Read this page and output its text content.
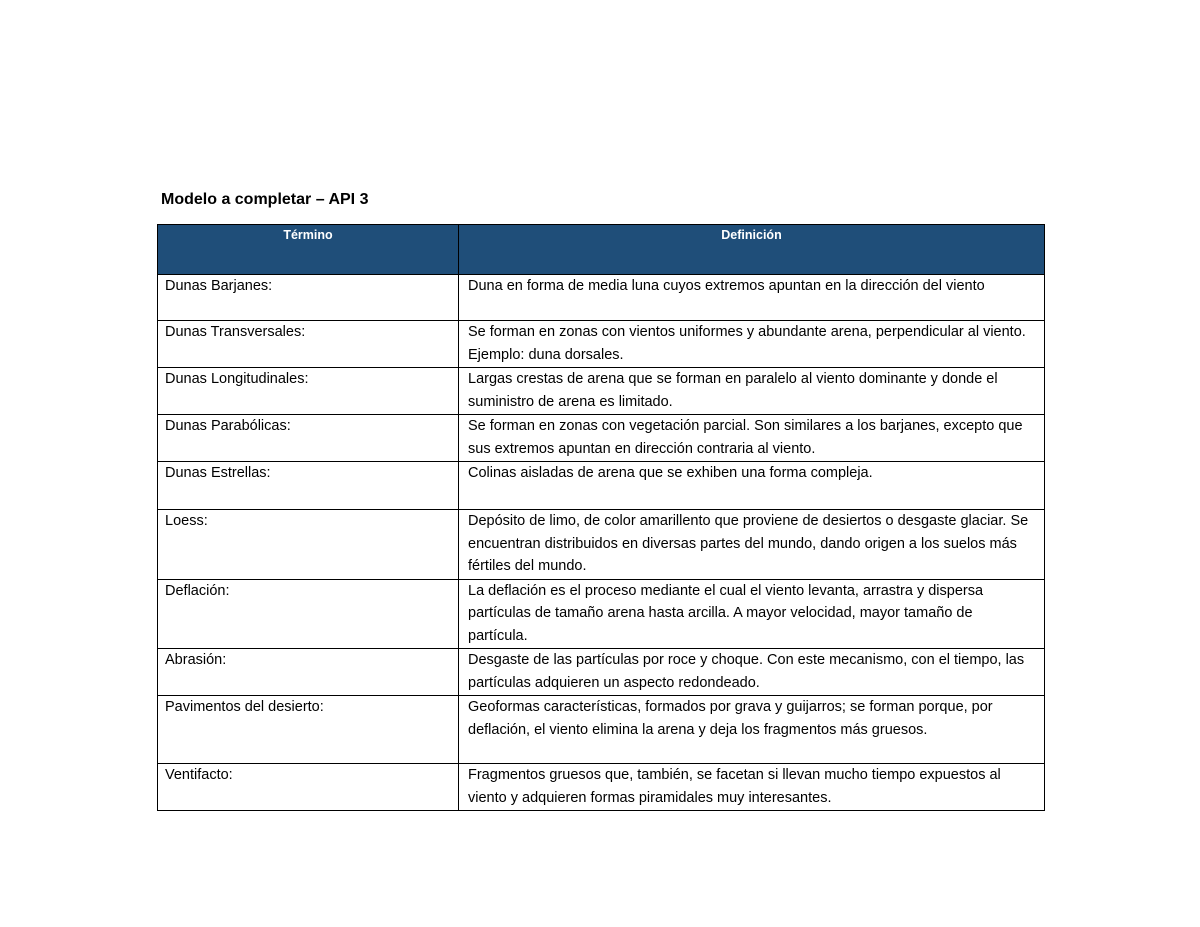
Modelo a completar – API 3
Término	Definición
Dunas Barjanes:	Duna en forma de media luna cuyos extremos apuntan en la dirección del viento
Dunas Transversales:	Se forman en zonas con vientos uniformes y abundante arena, perpendicular al viento. Ejemplo: duna dorsales.
Dunas Longitudinales:	Largas crestas de arena que se forman en paralelo al viento dominante y donde el suministro de arena es limitado.
Dunas Parabólicas:	Se forman en zonas con vegetación parcial. Son similares a los barjanes, excepto que sus extremos apuntan en dirección contraria al viento.
Dunas Estrellas:	Colinas aisladas de arena que se exhiben una forma compleja.
Loess:	Depósito de limo, de color amarillento que proviene de desiertos o desgaste glaciar. Se encuentran distribuidos en diversas partes del mundo, dando origen a los suelos más fértiles del mundo.
Deflación:	La deflación es el proceso mediante el cual el viento levanta, arrastra y dispersa partículas de tamaño arena hasta arcilla. A mayor velocidad, mayor tamaño de partícula.
Abrasión:	Desgaste de las partículas por roce y choque. Con este mecanismo, con el tiempo, las partículas adquieren un aspecto redondeado.
Pavimentos del desierto:	Geoformas características, formados por grava y guijarros; se forman porque, por deflación, el viento elimina la arena y deja los fragmentos más gruesos.
Ventifacto:	Fragmentos gruesos que, también, se facetan si llevan mucho tiempo expuestos al viento y adquieren formas piramidales muy interesantes.
